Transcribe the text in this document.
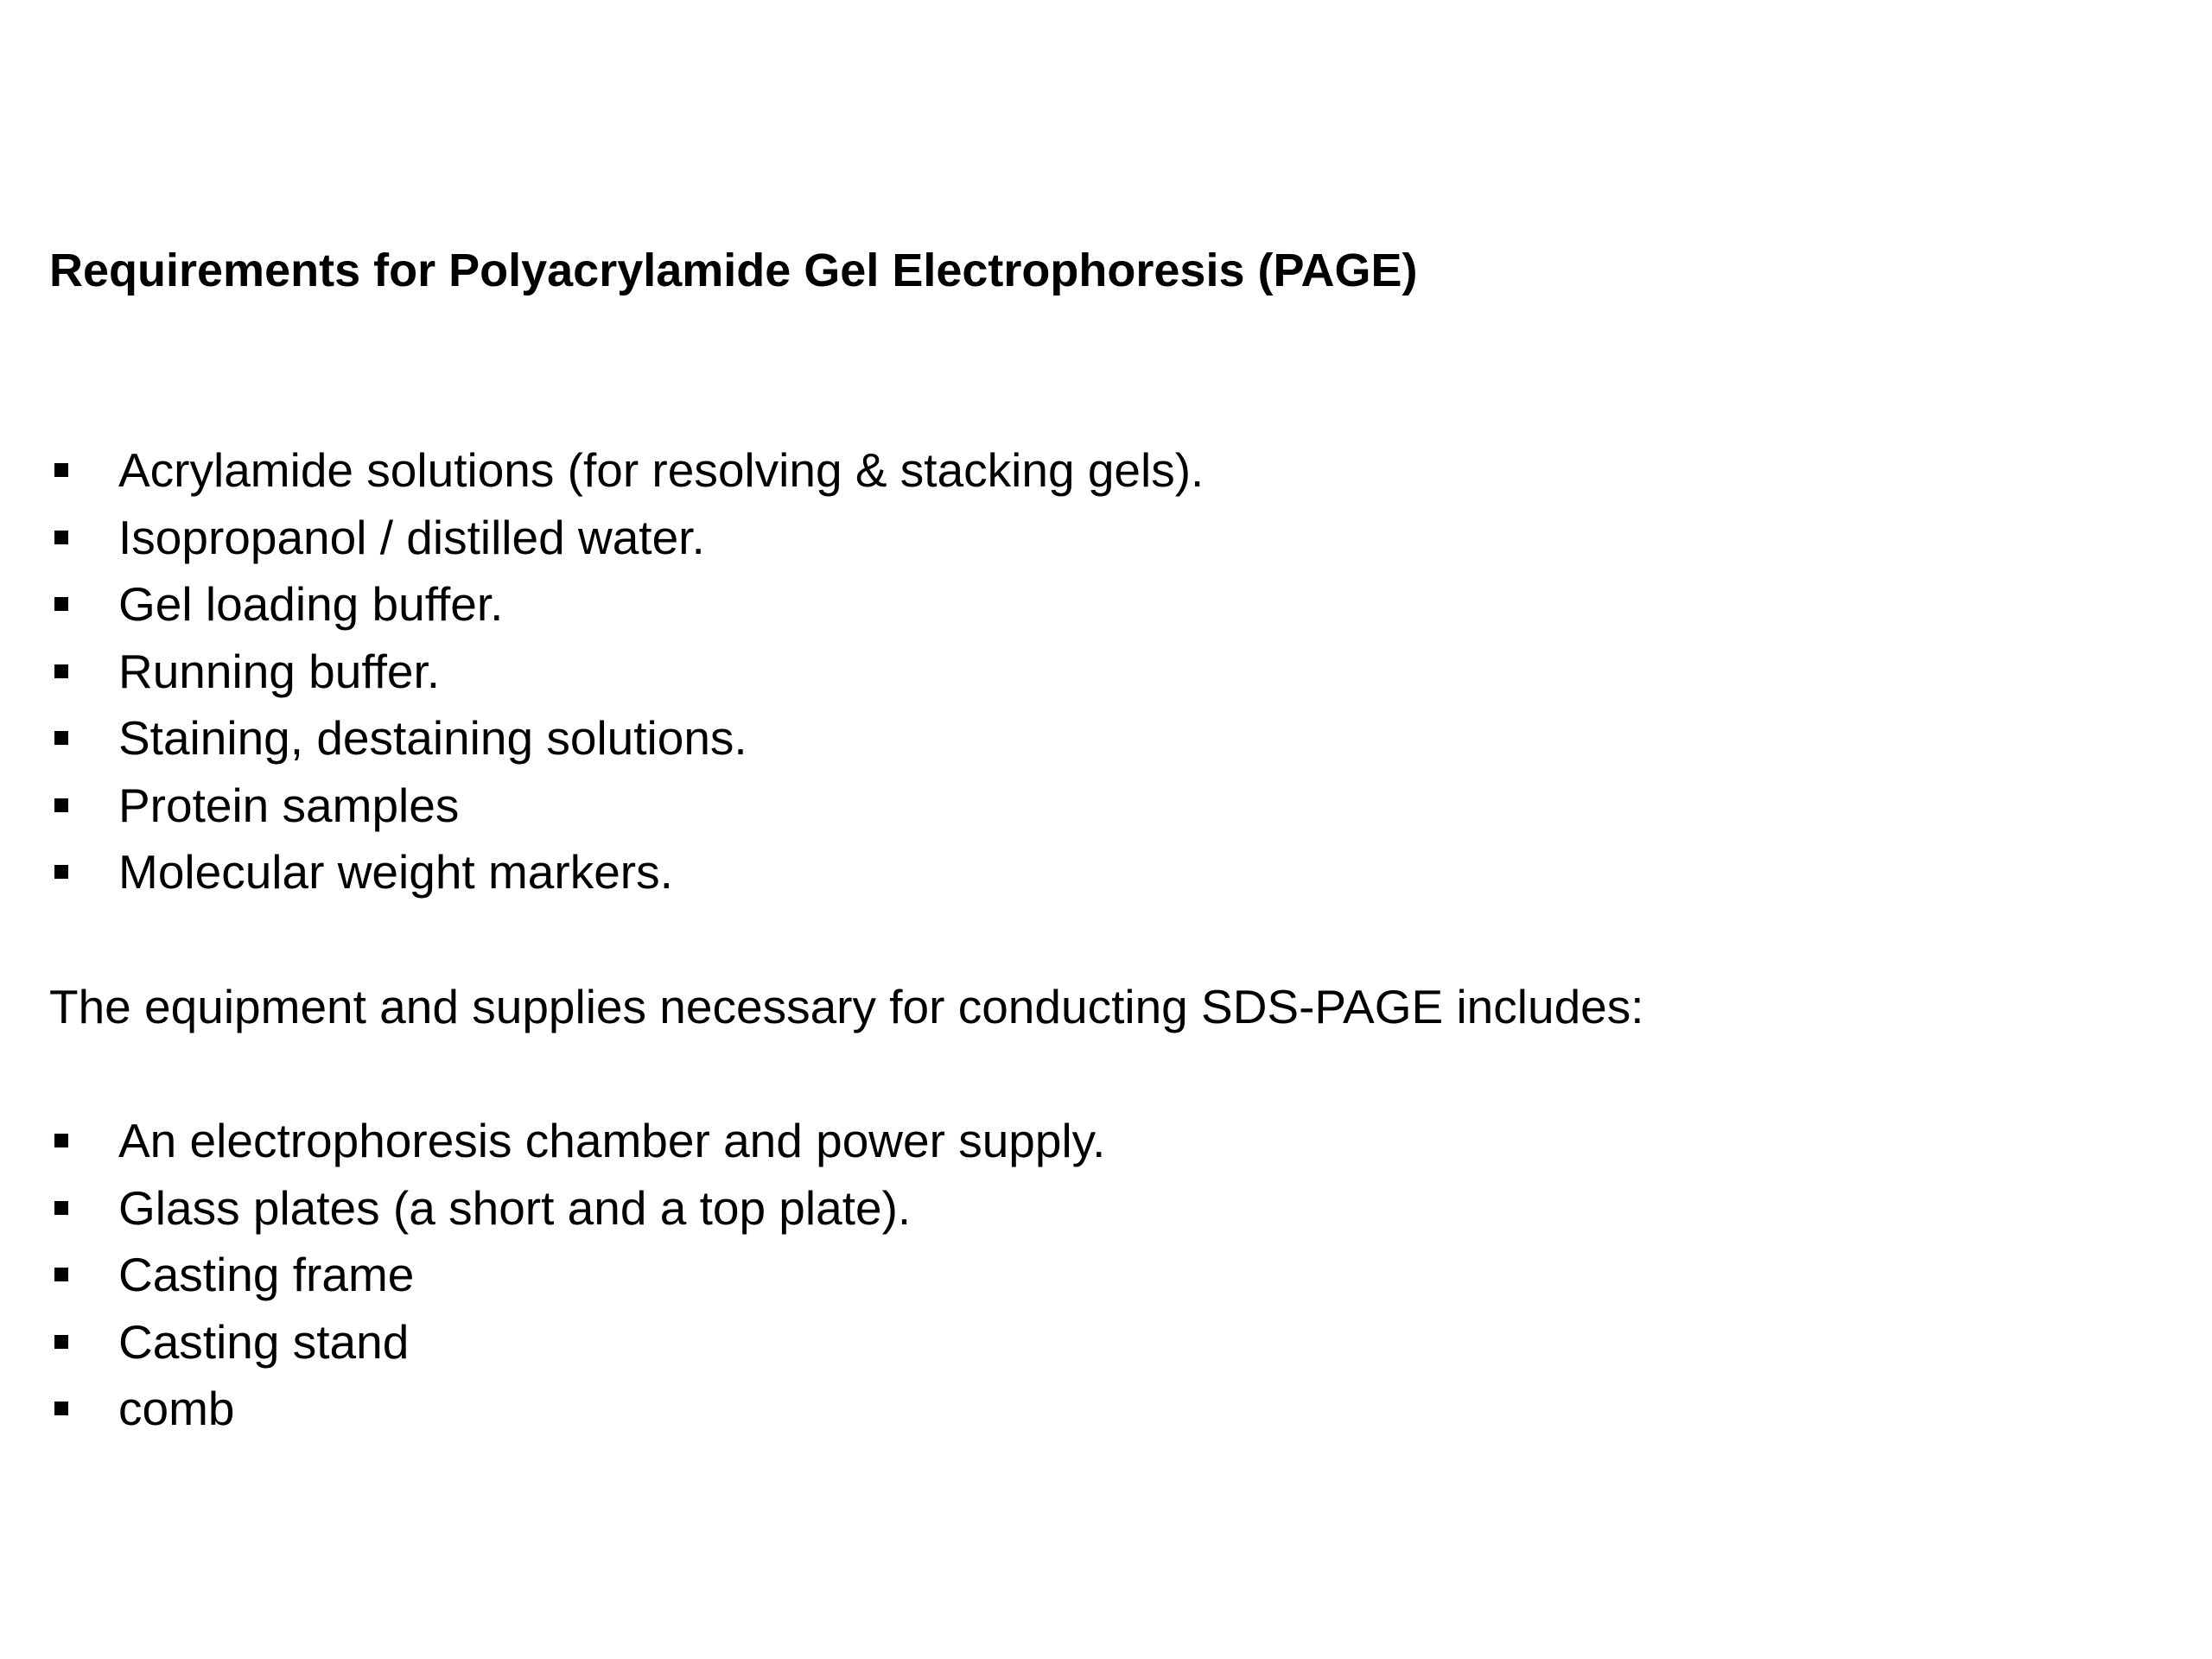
Requirements for Polyacrylamide Gel Electrophoresis (PAGE)
Acrylamide solutions (for resolving & stacking gels).
Isopropanol / distilled water.
Gel loading buffer.
Running buffer.
Staining, destaining solutions.
Protein samples
Molecular weight markers.
The equipment and supplies necessary for conducting SDS-PAGE includes:
An electrophoresis chamber and power supply.
Glass plates (a short and a top plate).
Casting frame
Casting stand
comb
